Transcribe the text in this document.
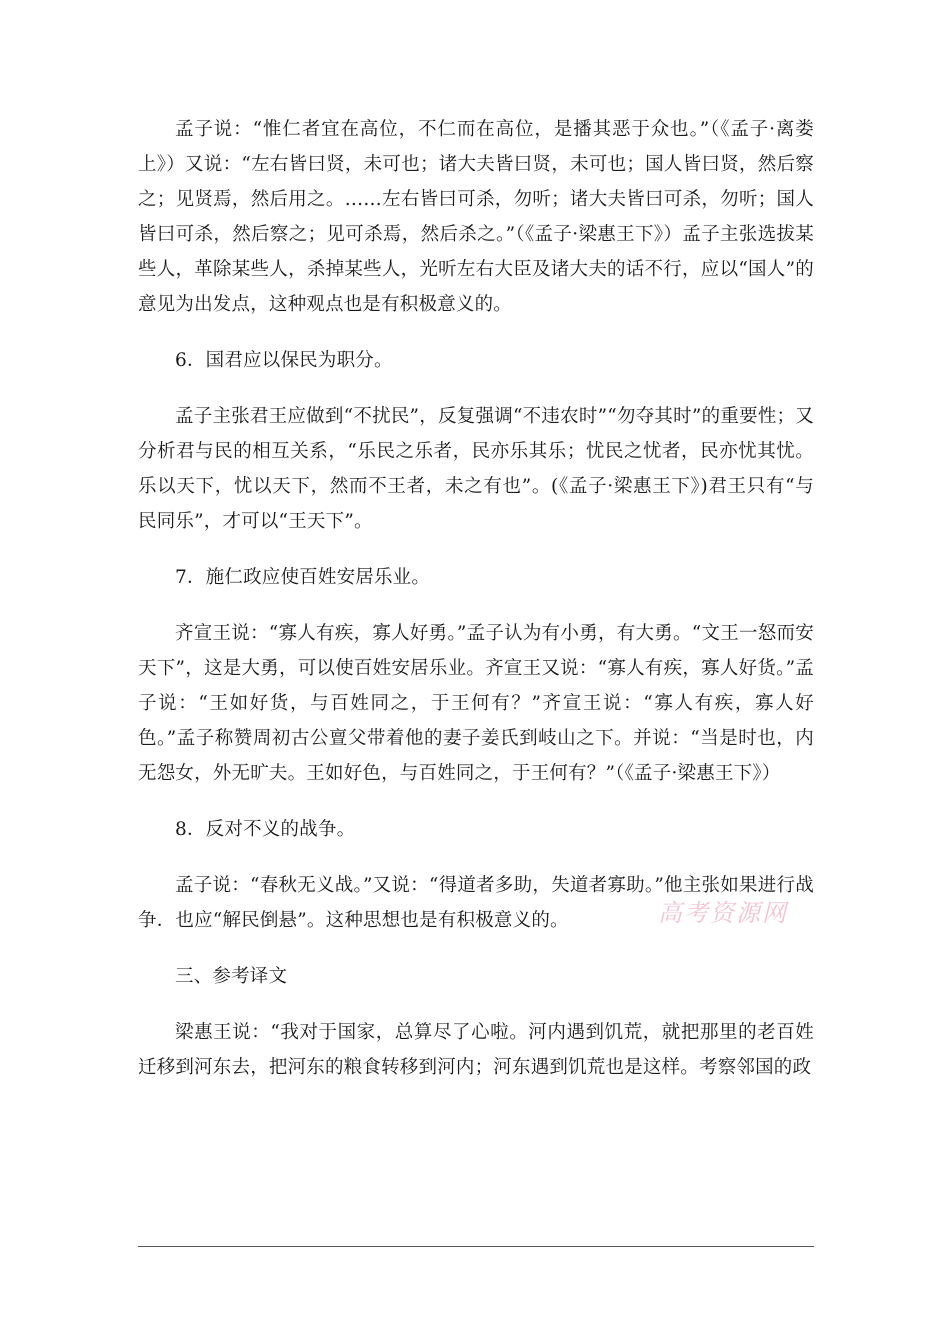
孟子说：“惟仁者宜在高位，不仁而在高位，是播其恶于众也。”（《孟子·离娄上》）又说：“左右皆曰贤，未可也；诸大夫皆曰贤，未可也；国人皆曰贤，然后察之；见贤焉，然后用之。……左右皆曰可杀，勿听；诸大夫皆曰可杀，勿听；国人皆曰可杀，然后察之；见可杀焉，然后杀之。”（《孟子·梁惠王下》）孟子主张选拔某些人，革除某些人，杀掉某些人，光听左右大臣及诸大夫的话不行，应以“国人”的意见为出发点，这种观点也是有积极意义的。

6．国君应以保民为职分。

孟子主张君王应做到“不扰民”，反复强调“不违农时”“勿夺其时”的重要性；又分析君与民的相互关系，“乐民之乐者，民亦乐其乐；忧民之忧者，民亦忧其忧。乐以天下，忧以天下，然而不王者，未之有也”。(《孟子·梁惠王下》)君王只有“与民同乐”，才可以“王天下”。

7．施仁政应使百姓安居乐业。

齐宣王说：“寡人有疾，寡人好勇。”孟子认为有小勇，有大勇。“文王一怒而安天下”，这是大勇，可以使百姓安居乐业。齐宣王又说：“寡人有疾，寡人好货。”孟子说：“王如好货，与百姓同之，于王何有？”齐宣王说：“寡人有疾，寡人好色。”孟子称赞周初古公亶父带着他的妻子姜氏到岐山之下。并说：“当是时也，内无怨女，外无旷夫。王如好色，与百姓同之，于王何有？”（《孟子·梁惠王下》）

8．反对不义的战争。

孟子说：“春秋无义战。”又说：“得道者多助，失道者寡助。”他主张如果进行战争．也应“解民倒悬”。这种思想也是有积极意义的。

三、参考译文

梁惠王说：“我对于国家，总算尽了心啦。河内遇到饥荒，就把那里的老百姓迁移到河东去，把河东的粮食转移到河内；河东遇到饥荒也是这样。考察邻国的政

高考资源网
